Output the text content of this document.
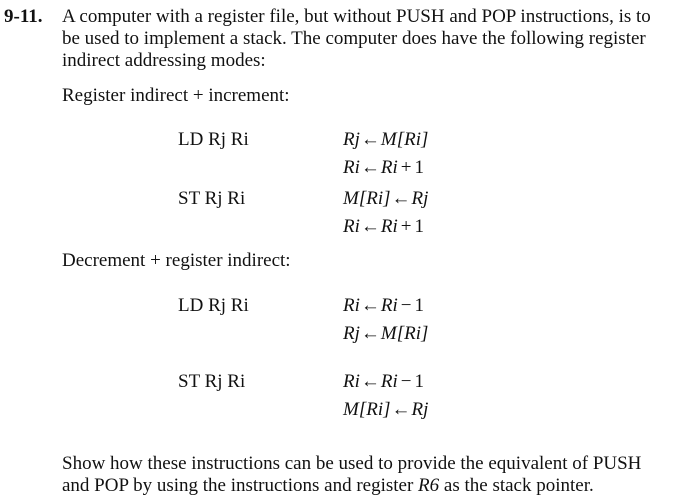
9-11. A computer with a register file, but without PUSH and POP instructions, is to
be used to implement a stack. The computer does have the following register
indirect addressing modes:

Register indirect + increment:
LD Rj Ri	Rj←M[Ri]
Ri←Ri + 1
ST Rj Ri	M[Ri]←Rj
Ri←Ri + 1
Decrement + register indirect:
LD Rj Ri	Ri←Ri − 1
Rj←M[Ri]
ST Rj Ri	Ri←Ri − 1
M[Ri]←Rj

Show how these instructions can be used to provide the equivalent of PUSH
and POP by using the instructions and register R6 as the stack pointer.
